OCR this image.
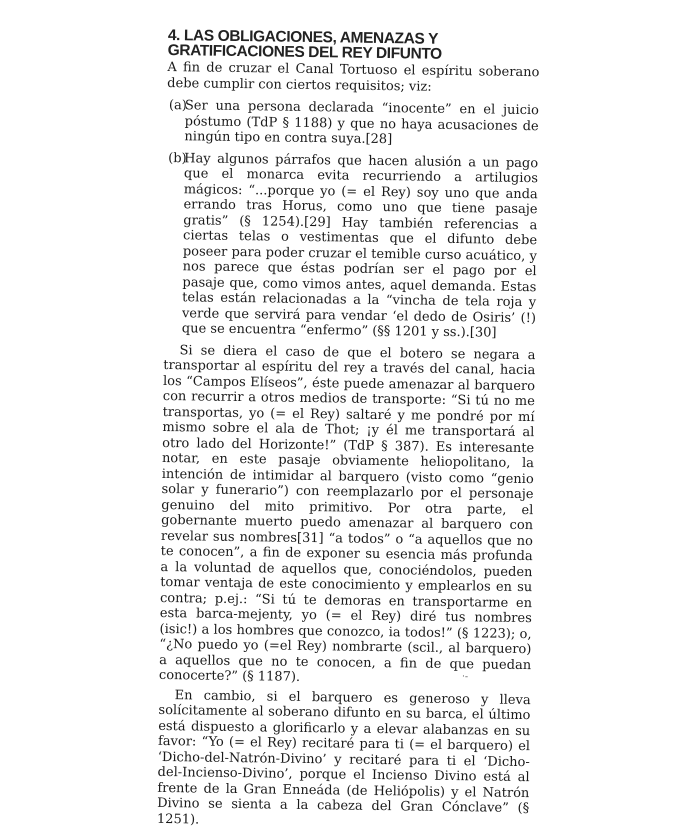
4. LAS OBLIGACIONES, AMENAZAS Y GRATIFICACIONES DEL REY DIFUNTO

A fin de cruzar el Canal Tortuoso el espíritu soberano debe cumplir con ciertos requisitos; viz:

(a)

Ser una persona declarada “inocente” en el juicio póstumo (TdP § 1188) y que no haya acusaciones de ningún tipo en contra suya.[28]

(b)

Hay algunos párrafos que hacen alusión a un pago que el monarca evita recurriendo a artilugios mágicos: “...porque yo (= el Rey) soy uno que anda errando tras Horus, como uno que tiene pasaje gratis” (§ 1254).[29] Hay también referencias a ciertas telas o vestimentas que el difunto debe poseer para poder cruzar el temible curso acuático, y nos parece que éstas podrían ser el pago por el pasaje que, como vimos antes, aquel demanda. Estas telas están relacionadas a la “vincha de tela roja y verde que servirá para vendar ‘el dedo de Osiris’ (!) que se encuentra “enfermo” (§§ 1201 y ss.).[30]

Si se diera el caso de que el botero se negara a transportar al espíritu del rey a través del canal, hacia los “Campos Elíseos”, éste puede amenazar al barquero con recurrir a otros medios de transporte: “Si tú no me transportas, yo (= el Rey) saltaré y me pondré por mí mismo sobre el ala de Thot; ¡y él me transportará al otro lado del Horizonte!” (TdP § 387). Es interesante notar, en este pasaje obviamente heliopolitano, la intención de intimidar al barquero (visto como “genio solar y funerario”) con reemplazarlo por el personaje genuino del mito primitivo. Por otra parte, el gobernante muerto puedo amenazar al barquero con revelar sus nombres[31] “a todos” o “a aquellos que no te conocen”, a fin de exponer su esencia más profunda a la voluntad de aquellos que, conociéndolos, pueden tomar ventaja de este conocimiento y emplearlos en su contra; p.ej.: “Si tú te demoras en transportarme en esta barca-mejenty, yo (= el Rey) diré tus nombres (isic!) a los hombres que conozco, ia todos!” (§ 1223); o, “¿No puedo yo (=el Rey) nombrarte (scil., al barquero) a aquellos que no te conocen, a fin de que puedan conocerte?” (§ 1187).

En cambio, si el barquero es generoso y lleva solícitamente al soberano difunto en su barca, el último está dispuesto a glorificarlo y a elevar alabanzas en su favor: “Yo (= el Rey) recitaré para ti (= el barquero) el ‘Dicho-del-Natrón-Divino’ y recitaré para ti el ‘Dicho-del-Incienso-Divino’, porque el Incienso Divino está al frente de la Gran Enneáda (de Heliópolis) y el Natrón Divino se sienta a la cabeza del Gran Cónclave” (§ 1251).

·-
